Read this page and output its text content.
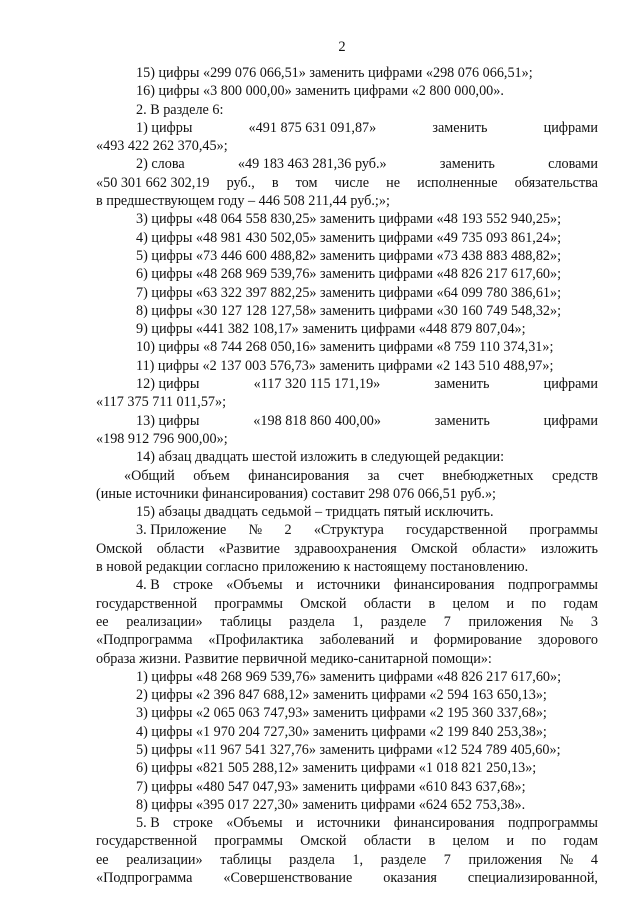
2
15) цифры «299 076 066,51» заменить цифрами «298 076 066,51»;
16) цифры «3 800 000,00» заменить цифрами «2 800 000,00».
2. В разделе 6:
1) цифры	«491 875 631 091,87»	заменить	цифрами
«493 422 262 370,45»;
2) слова	«49 183 463 281,36 руб.»	заменить	словами
«50 301 662 302,19 руб., в том числе не исполненные обязательства
в предшествующем году – 446 508 211,44 руб.;»;
3) цифры «48 064 558 830,25» заменить цифрами «48 193 552 940,25»;
4) цифры «48 981 430 502,05» заменить цифрами «49 735 093 861,24»;
5) цифры «73 446 600 488,82» заменить цифрами «73 438 883 488,82»;
6) цифры «48 268 969 539,76» заменить цифрами «48 826 217 617,60»;
7) цифры «63 322 397 882,25» заменить цифрами «64 099 780 386,61»;
8) цифры «30 127 128 127,58» заменить цифрами «30 160 749 548,32»;
9) цифры «441 382 108,17» заменить цифрами «448 879 807,04»;
10) цифры «8 744 268 050,16» заменить цифрами «8 759 110 374,31»;
11) цифры «2 137 003 576,73» заменить цифрами «2 143 510 488,97»;
12) цифры	«117 320 115 171,19»	заменить	цифрами
«117 375 711 011,57»;
13) цифры	«198 818 860 400,00»	заменить	цифрами
«198 912 796 900,00»;
14) абзац двадцать шестой изложить в следующей редакции:
«Общий объем финансирования за счет внебюджетных средств
(иные источники финансирования) составит 298 076 066,51 руб.»;
15) абзацы двадцать седьмой – тридцать пятый исключить.
3. Приложение № 2 «Структура государственной программы
Омской области «Развитие здравоохранения Омской области» изложить
в новой редакции согласно приложению к настоящему постановлению.
4. В строке «Объемы и источники финансирования подпрограммы
государственной программы Омской области в целом и по годам
ее реализации» таблицы раздела 1, разделе 7 приложения № 3
«Подпрограмма «Профилактика заболеваний и формирование здорового
образа жизни. Развитие первичной медико-санитарной помощи»:
1) цифры «48 268 969 539,76» заменить цифрами «48 826 217 617,60»;
2) цифры «2 396 847 688,12» заменить цифрами «2 594 163 650,13»;
3) цифры «2 065 063 747,93» заменить цифрами «2 195 360 337,68»;
4) цифры «1 970 204 727,30» заменить цифрами «2 199 840 253,38»;
5) цифры «11 967 541 327,76» заменить цифрами «12 524 789 405,60»;
6) цифры «821 505 288,12» заменить цифрами «1 018 821 250,13»;
7) цифры «480 547 047,93» заменить цифрами «610 843 637,68»;
8) цифры «395 017 227,30» заменить цифрами «624 652 753,38».
5. В строке «Объемы и источники финансирования подпрограммы
государственной программы Омской области в целом и по годам
ее реализации» таблицы раздела 1, разделе 7 приложения № 4
«Подпрограмма «Совершенствование оказания специализированной,
